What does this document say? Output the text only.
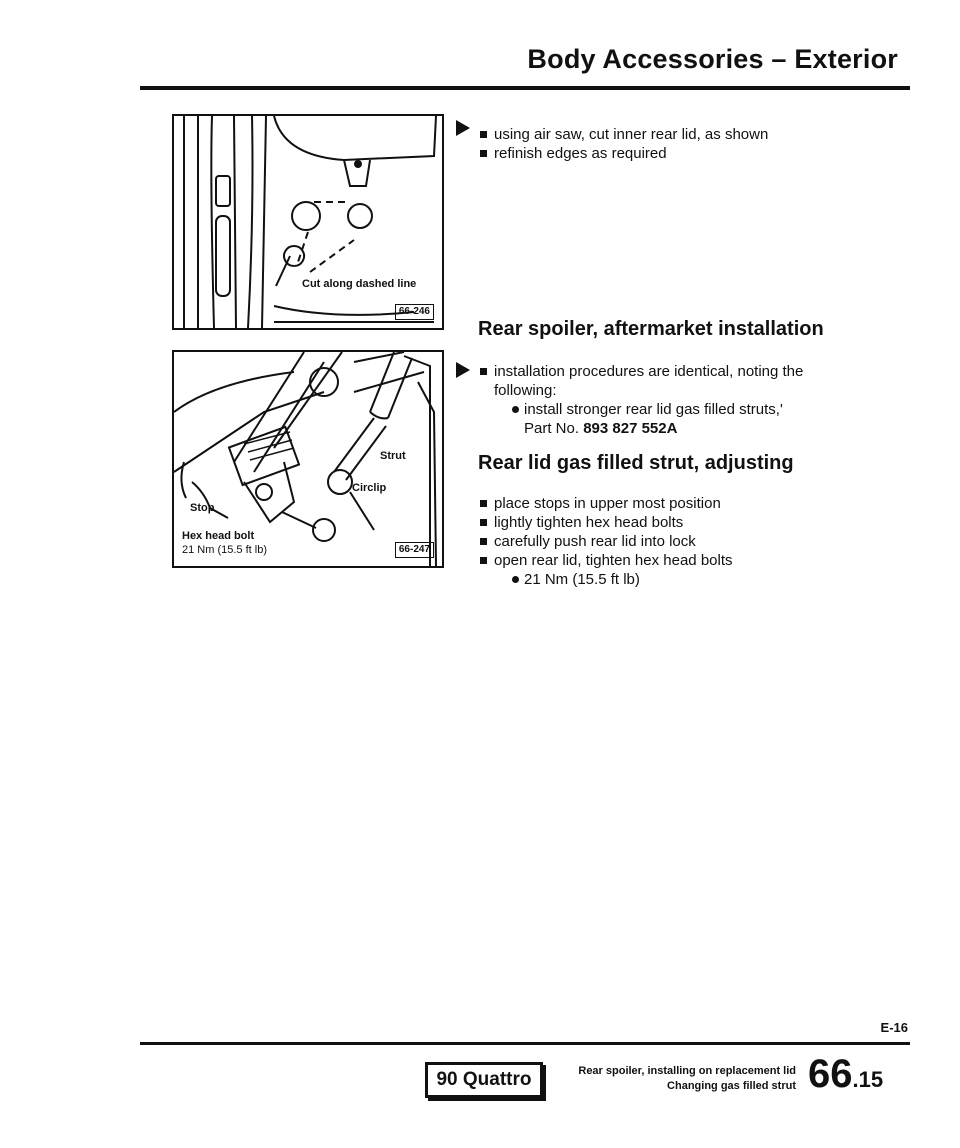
Body Accessories – Exterior
Cut along dashed line
66-246
Strut
Circlip
Stop
Hex head bolt
21 Nm (15.5 ft lb)	66-247
using air saw, cut inner rear lid, as shown
refinish edges as required
Rear spoiler, aftermarket installation
installation procedures are identical, noting the following:
install stronger rear lid gas filled struts,'
Part No. 893 827 552A
Rear lid gas filled strut, adjusting
place stops in upper most position
lightly tighten hex head bolts
carefully push rear lid into lock
open rear lid, tighten hex head bolts
21 Nm (15.5 ft lb)
E-16
90 Quattro	Rear spoiler, installing on replacement lid
Changing gas filled strut 66.15
